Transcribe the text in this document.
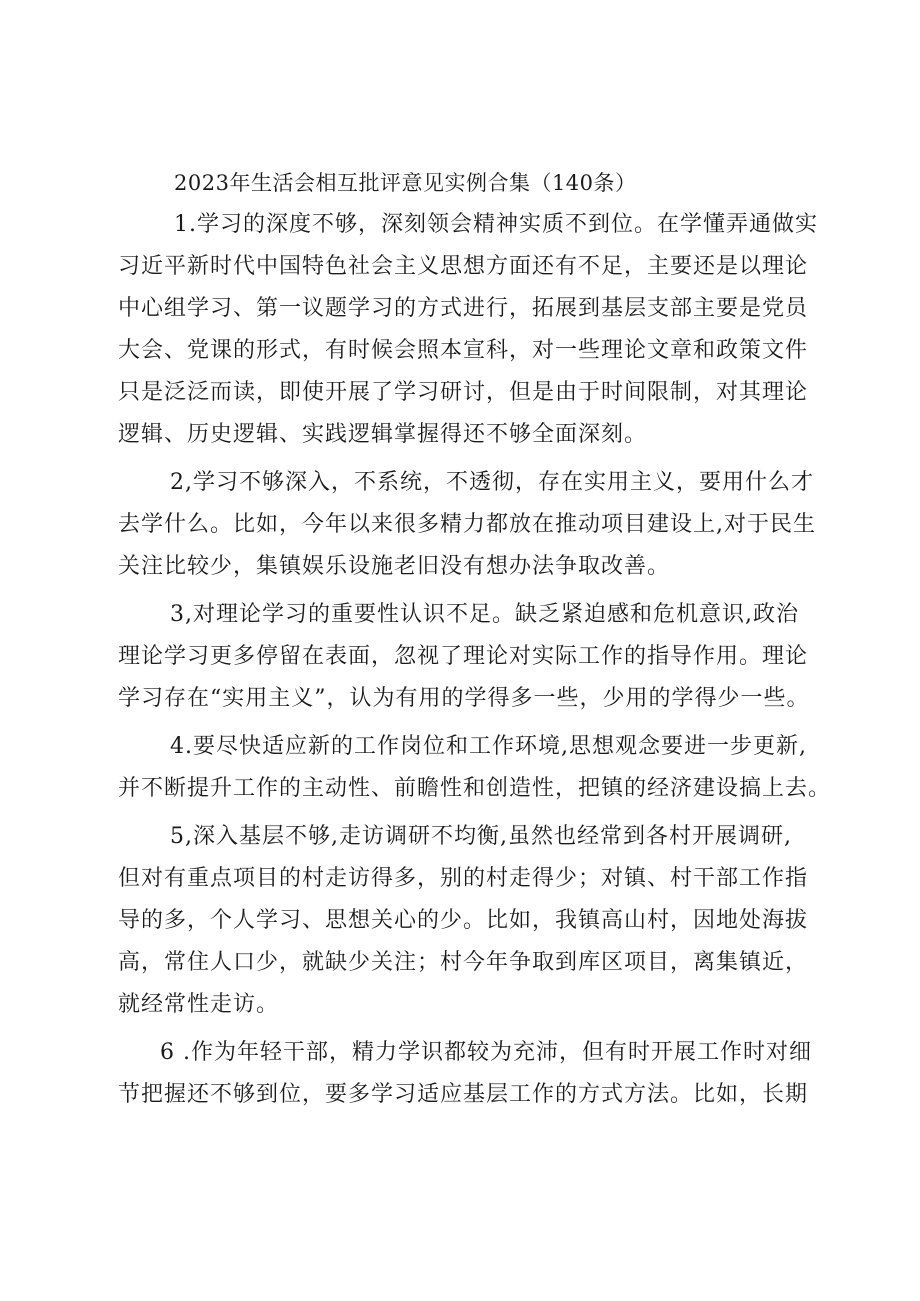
2023年生活会相互批评意见实例合集（140条）
1.学习的深度不够，深刻领会精神实质不到位。在学懂弄通做实
习近平新时代中国特色社会主义思想方面还有不足，主要还是以理论
中心组学习、第一议题学习的方式进行，拓展到基层支部主要是党员
大会、党课的形式，有时候会照本宣科，对一些理论文章和政策文件
只是泛泛而读，即使开展了学习研讨，但是由于时间限制，对其理论
逻辑、历史逻辑、实践逻辑掌握得还不够全面深刻。
2,学习不够深入，不系统，不透彻，存在实用主义，要用什么才
去学什么。比如，今年以来很多精力都放在推动项目建设上,对于民生
关注比较少，集镇娱乐设施老旧没有想办法争取改善。
3,对理论学习的重要性认识不足。缺乏紧迫感和危机意识,政治
理论学习更多停留在表面，忽视了理论对实际工作的指导作用。理论
学习存在“实用主义”，认为有用的学得多一些，少用的学得少一些。
4.要尽快适应新的工作岗位和工作环境,思想观念要进一步更新,
并不断提升工作的主动性、前瞻性和创造性，把镇的经济建设搞上去。
5,深入基层不够,走访调研不均衡,虽然也经常到各村开展调研,
但对有重点项目的村走访得多，别的村走得少；对镇、村干部工作指
导的多，个人学习、思想关心的少。比如，我镇高山村，因地处海拔
高，常住人口少，就缺少关注；村今年争取到库区项目，离集镇近，
就经常性走访。
6 .作为年轻干部，精力学识都较为充沛，但有时开展工作时对细
节把握还不够到位，要多学习适应基层工作的方式方法。比如，长期
